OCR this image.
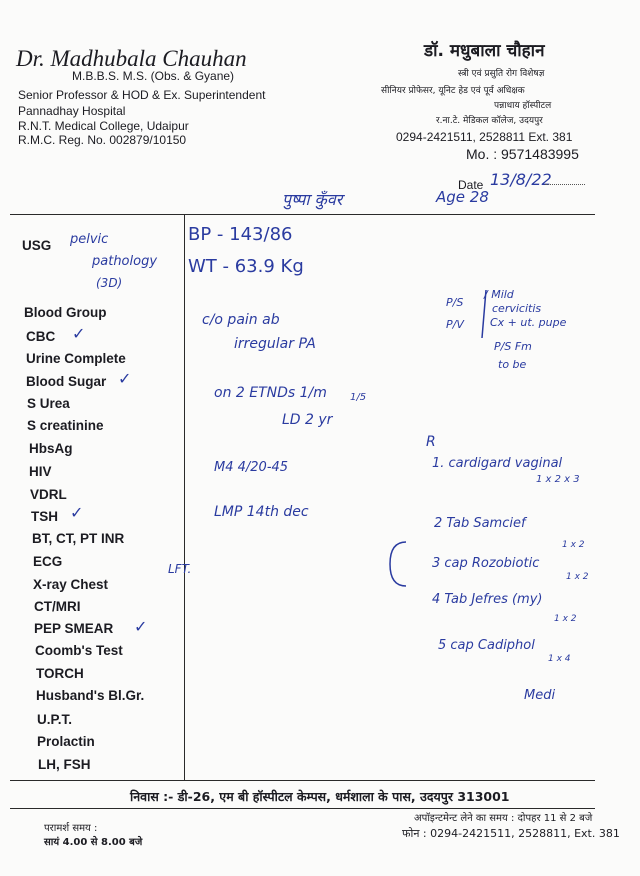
Dr. Madhubala Chauhan
M.B.B.S. M.S. (Obs. & Gyane)
Senior Professor & HOD & Ex. Superintendent
Pannadhay Hospital
R.N.T. Medical College, Udaipur
R.M.C. Reg. No. 002879/10150
डॉ. मधुबाला चौहान
स्त्री एवं प्रसुति रोग विशेषज्ञ
सीनियर प्रोफेसर, यूनिट हेड एवं पूर्व अधिक्षक
पन्नाधाय हॉस्पीटल
र.ना.टे. मेडिकल कॉलेज, उदयपुर
0294-2421511, 2528811 Ext. 381
Mo. : 9571483995
Date 13/8/22
पुष्पा कुँवर	Age 28
USG
Blood Group
CBC
Urine Complete
Blood Sugar
S Urea
S creatinine
HbsAg
HIV
VDRL
TSH
BT, CT, PT INR
ECG
X-ray Chest
CT/MRI
PEP SMEAR
Coomb's Test
TORCH
Husband's Bl.Gr.
U.P.T.
Prolactin
LH, FSH
✓
✓
✓
✓
pelvic
pathology
(3D)
LFT.
BP - 143/86
WT - 63.9 Kg
c/o pain ab
irregular PA
on 2 ETNDs 1/m 1/5
LD 2 yr
M4 4/20-45
LMP 14th dec
P/S
P/V
/ Mild
cervicitis
Cx + ut. pupe
P/S Fm
to be
R
1. cardigard vaginal
1 x 2 x 3
2 Tab Samcief
1 x 2
3 cap Rozobiotic
1 x 2
4 Tab Jefres (my)
1 x 2
5 cap Cadiphol
1 x 4
Medi
निवास :- डी-26, एम बी हॉस्पीटल केम्पस, धर्मशाला के पास, उदयपुर 313001
परामर्श समय :
सायं 4.00 से 8.00 बजे
अपॉइन्टमेन्ट लेने का समय : दोपहर 11 से 2 बजे
फोन : 0294-2421511, 2528811, Ext. 381
